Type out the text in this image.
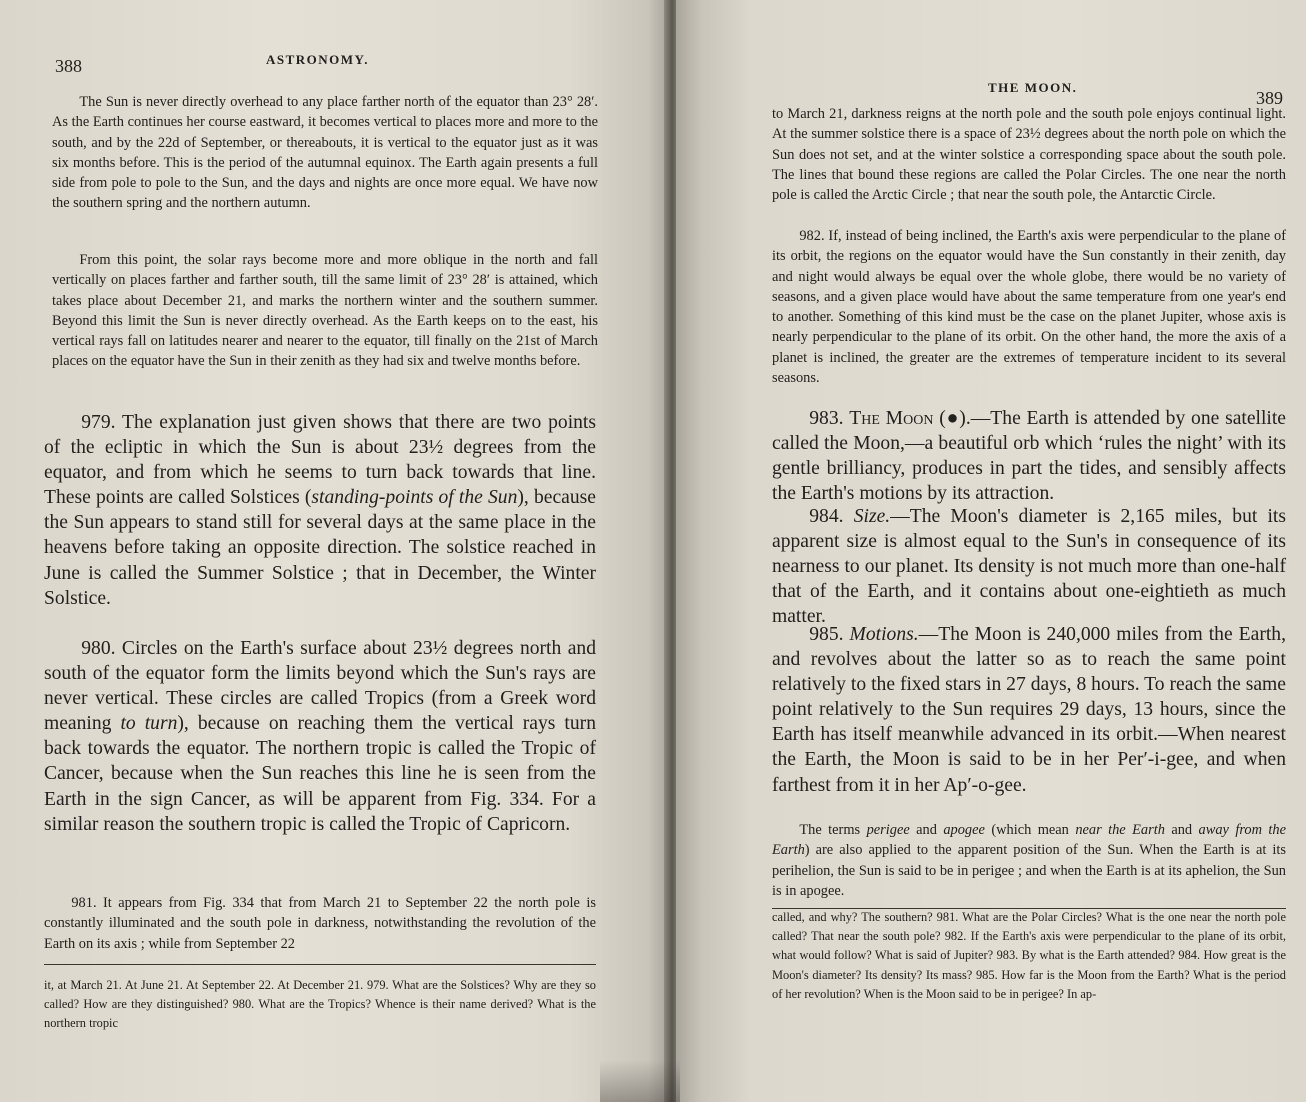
388	ASTRONOMY.

The Sun is never directly overhead to any place farther north of the equator than 23° 28′. As the Earth continues her course eastward, it becomes vertical to places more and more to the south, and by the 22d of September, or thereabouts, it is vertical to the equator just as it was six months before. This is the period of the autumnal equinox. The Earth again presents a full side from pole to pole to the Sun, and the days and nights are once more equal. We have now the southern spring and the northern autumn.

From this point, the solar rays become more and more oblique in the north and fall vertically on places farther and farther south, till the same limit of 23° 28′ is attained, which takes place about December 21, and marks the northern winter and the southern summer. Beyond this limit the Sun is never directly overhead. As the Earth keeps on to the east, his vertical rays fall on latitudes nearer and nearer to the equator, till finally on the 21st of March places on the equator have the Sun in their zenith as they had six and twelve months before.

979. The explanation just given shows that there are two points of the ecliptic in which the Sun is about 23½ degrees from the equator, and from which he seems to turn back towards that line. These points are called Solstices (standing-points of the Sun), because the Sun appears to stand still for several days at the same place in the heavens before taking an opposite direction. The solstice reached in June is called the Summer Solstice ; that in December, the Winter Solstice.

980. Circles on the Earth's surface about 23½ degrees north and south of the equator form the limits beyond which the Sun's rays are never vertical. These circles are called Tropics (from a Greek word meaning to turn), because on reaching them the vertical rays turn back towards the equator. The northern tropic is called the Tropic of Cancer, because when the Sun reaches this line he is seen from the Earth in the sign Cancer, as will be apparent from Fig. 334. For a similar reason the southern tropic is called the Tropic of Capricorn.

981. It appears from Fig. 334 that from March 21 to September 22 the north pole is constantly illuminated and the south pole in darkness, notwithstanding the revolution of the Earth on its axis ; while from September 22

it, at March 21. At June 21. At September 22. At December 21. 979. What are the Solstices? Why are they so called? How are they distinguished? 980. What are the Tropics? Whence is their name derived? What is the northern tropic

THE MOON.
389

to March 21, darkness reigns at the north pole and the south pole enjoys continual light. At the summer solstice there is a space of 23½ degrees about the north pole on which the Sun does not set, and at the winter solstice a corresponding space about the south pole. The lines that bound these regions are called the Polar Circles. The one near the north pole is called the Arctic Circle ; that near the south pole, the Antarctic Circle.

982. If, instead of being inclined, the Earth's axis were perpendicular to the plane of its orbit, the regions on the equator would have the Sun constantly in their zenith, day and night would always be equal over the whole globe, there would be no variety of seasons, and a given place would have about the same temperature from one year's end to another. Something of this kind must be the case on the planet Jupiter, whose axis is nearly perpendicular to the plane of its orbit. On the other hand, the more the axis of a planet is inclined, the greater are the extremes of temperature incident to its several seasons.

983. The Moon (●).—The Earth is attended by one satellite called the Moon,—a beautiful orb which ‘rules the night’ with its gentle brilliancy, produces in part the tides, and sensibly affects the Earth's motions by its attraction.

984. Size.—The Moon's diameter is 2,165 miles, but its apparent size is almost equal to the Sun's in consequence of its nearness to our planet. Its density is not much more than one-half that of the Earth, and it contains about one-eightieth as much matter.

985. Motions.—The Moon is 240,000 miles from the Earth, and revolves about the latter so as to reach the same point relatively to the fixed stars in 27 days, 8 hours. To reach the same point relatively to the Sun requires 29 days, 13 hours, since the Earth has itself meanwhile advanced in its orbit.—When nearest the Earth, the Moon is said to be in her Per′-i-gee, and when farthest from it in her Ap′-o-gee.

The terms perigee and apogee (which mean near the Earth and away from the Earth) are also applied to the apparent position of the Sun. When the Earth is at its perihelion, the Sun is said to be in perigee ; and when the Earth is at its aphelion, the Sun is in apogee.

called, and why? The southern? 981. What are the Polar Circles? What is the one near the north pole called? That near the south pole? 982. If the Earth's axis were perpendicular to the plane of its orbit, what would follow? What is said of Jupiter? 983. By what is the Earth attended? 984. How great is the Moon's diameter? Its density? Its mass? 985. How far is the Moon from the Earth? What is the period of her revolution? When is the Moon said to be in perigee? In ap-
